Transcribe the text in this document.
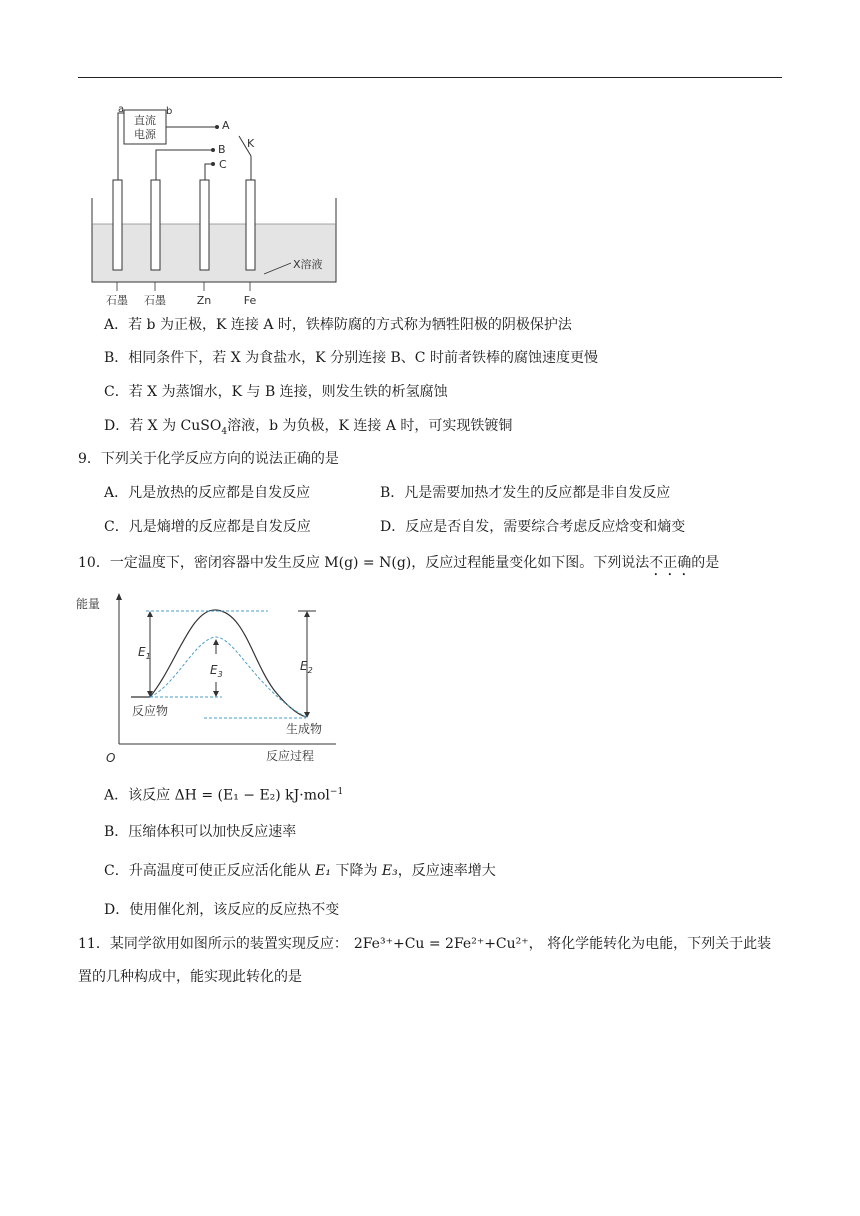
直流
电源
a	b
A
B
C
K
X溶液
石墨 石墨	Zn	Fe
A．若 b 为正极，K 连接 A 时，铁棒防腐的方式称为牺牲阳极的阴极保护法
B．相同条件下，若 X 为食盐水，K 分别连接 B、C 时前者铁棒的腐蚀速度更慢
C．若 X 为蒸馏水，K 与 B 连接，则发生铁的析氢腐蚀
D．若 X 为 CuSO$_4$溶液，b 为负极，K 连接 A 时，可实现铁镀铜
9．下列关于化学反应方向的说法正确的是
A．凡是放热的反应都是自发反应	B．凡是需要加热才发生的反应都是非自发反应
C．凡是熵增的反应都是自发反应	D．反应是否自发，需要综合考虑反应焓变和熵变
10．一定温度下，密闭容器中发生反应 M(g) = N(g)，反应过程能量变化如下图。下列说法不正确的是
能量
反应过程
O
$E_1$
$E_3$
$E_2$
反应物
生成物
A．该反应 ΔH = (E₁ − E₂) kJ·mol$^{-1}$
B．压缩体积可以加快反应速率
C．升高温度可使正反应活化能从 E₁ 下降为 E₃，反应速率增大
D．使用催化剂，该反应的反应热不变
11．某同学欲用如图所示的装置实现反应： 2Fe³⁺+Cu = 2Fe²⁺+Cu²⁺， 将化学能转化为电能，下列关于此装
置的几种构成中，能实现此转化的是
